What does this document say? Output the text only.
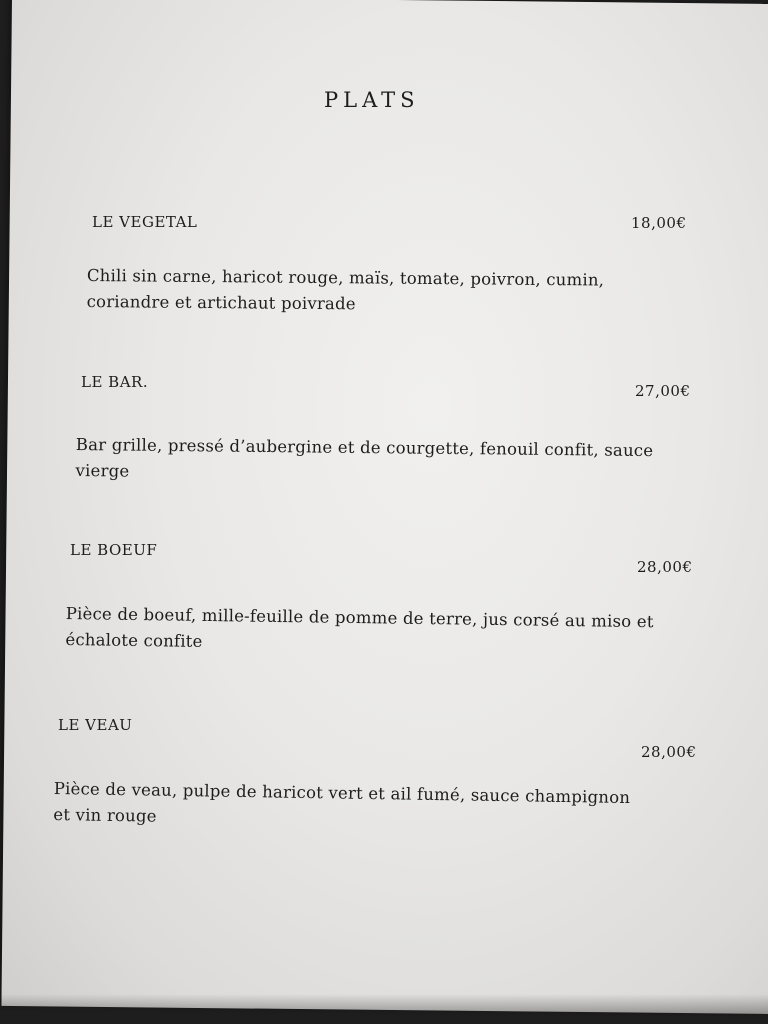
PLATS
LE VEGETAL	18,00€
Chili sin carne, haricot rouge, maïs, tomate, poivron, cumin, coriandre et artichaut poivrade
LE BAR.	27,00€
Bar grille, pressé d’aubergine et de courgette, fenouil confit, sauce vierge
LE BOEUF
28,00€
Pièce de boeuf, mille-feuille de pomme de terre, jus corsé au miso et échalote confite
LE VEAU
28,00€
Pièce de veau, pulpe de haricot vert et ail fumé, sauce champignon et vin rouge
